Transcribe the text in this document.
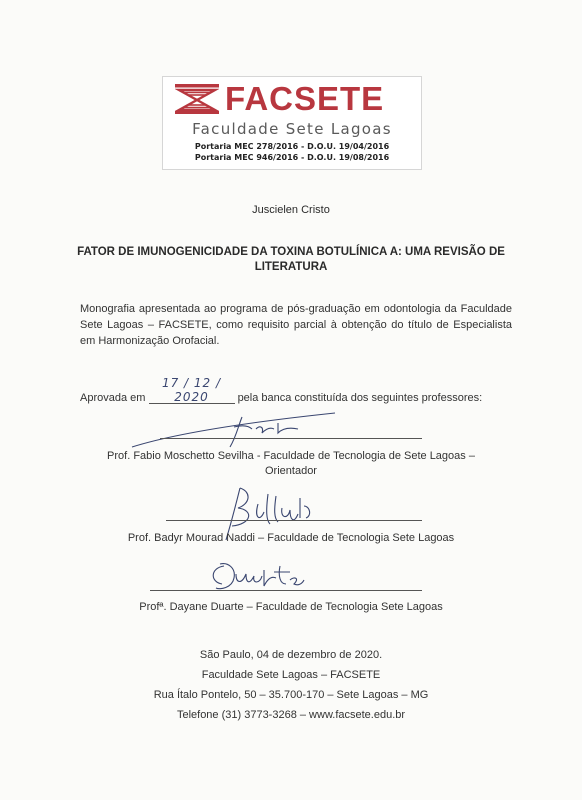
FACSETE
Faculdade Sete Lagoas
Portaria MEC 278/2016 - D.O.U. 19/04/2016
Portaria MEC 946/2016 - D.O.U. 19/08/2016
Juscielen Cristo
FATOR DE IMUNOGENICIDADE DA TOXINA BOTULÍNICA A: UMA REVISÃO DE LITERATURA
Monografia apresentada ao programa de pós-graduação em odontologia da Faculdade Sete Lagoas – FACSETE, como requisito parcial à obtenção do título de Especialista em Harmonização Orofacial.
Aprovada em 17 / 12 / 2020	pela banca constituída dos seguintes professores:
Prof. Fabio Moschetto Sevilha - Faculdade de Tecnologia de Sete Lagoas –
Orientador
Prof. Badyr Mourad Naddi – Faculdade de Tecnologia Sete Lagoas
Profª. Dayane Duarte – Faculdade de Tecnologia Sete Lagoas
São Paulo, 04 de dezembro de 2020.
Faculdade Sete Lagoas – FACSETE
Rua Ítalo Pontelo, 50 – 35.700-170 – Sete Lagoas – MG
Telefone (31) 3773-3268 – www.facsete.edu.br
